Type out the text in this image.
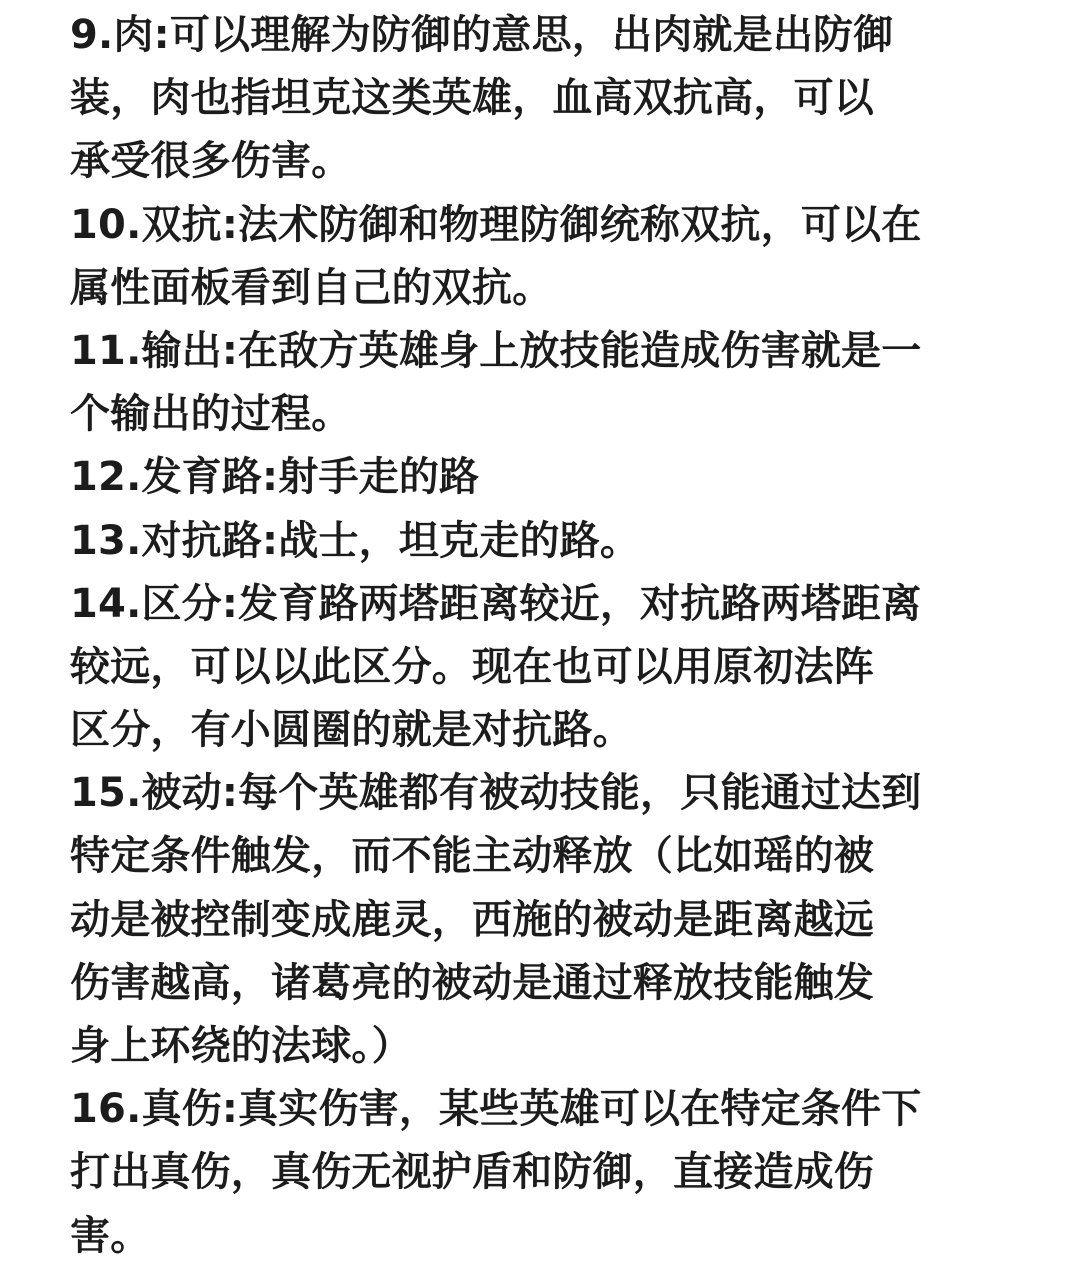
9.肉:可以理解为防御的意思，出肉就是出防御
装，肉也指坦克这类英雄，血高双抗高，可以
承受很多伤害。
10.双抗:法术防御和物理防御统称双抗，可以在
属性面板看到自己的双抗。
11.输出:在敌方英雄身上放技能造成伤害就是一
个输出的过程。
12.发育路:射手走的路
13.对抗路:战士，坦克走的路。
14.区分:发育路两塔距离较近，对抗路两塔距离
较远，可以以此区分。现在也可以用原初法阵
区分，有小圆圈的就是对抗路。
15.被动:每个英雄都有被动技能，只能通过达到
特定条件触发，而不能主动释放（比如瑶的被
动是被控制变成鹿灵，西施的被动是距离越远
伤害越高，诸葛亮的被动是通过释放技能触发
身上环绕的法球。）
16.真伤:真实伤害，某些英雄可以在特定条件下
打出真伤，真伤无视护盾和防御，直接造成伤
害。
